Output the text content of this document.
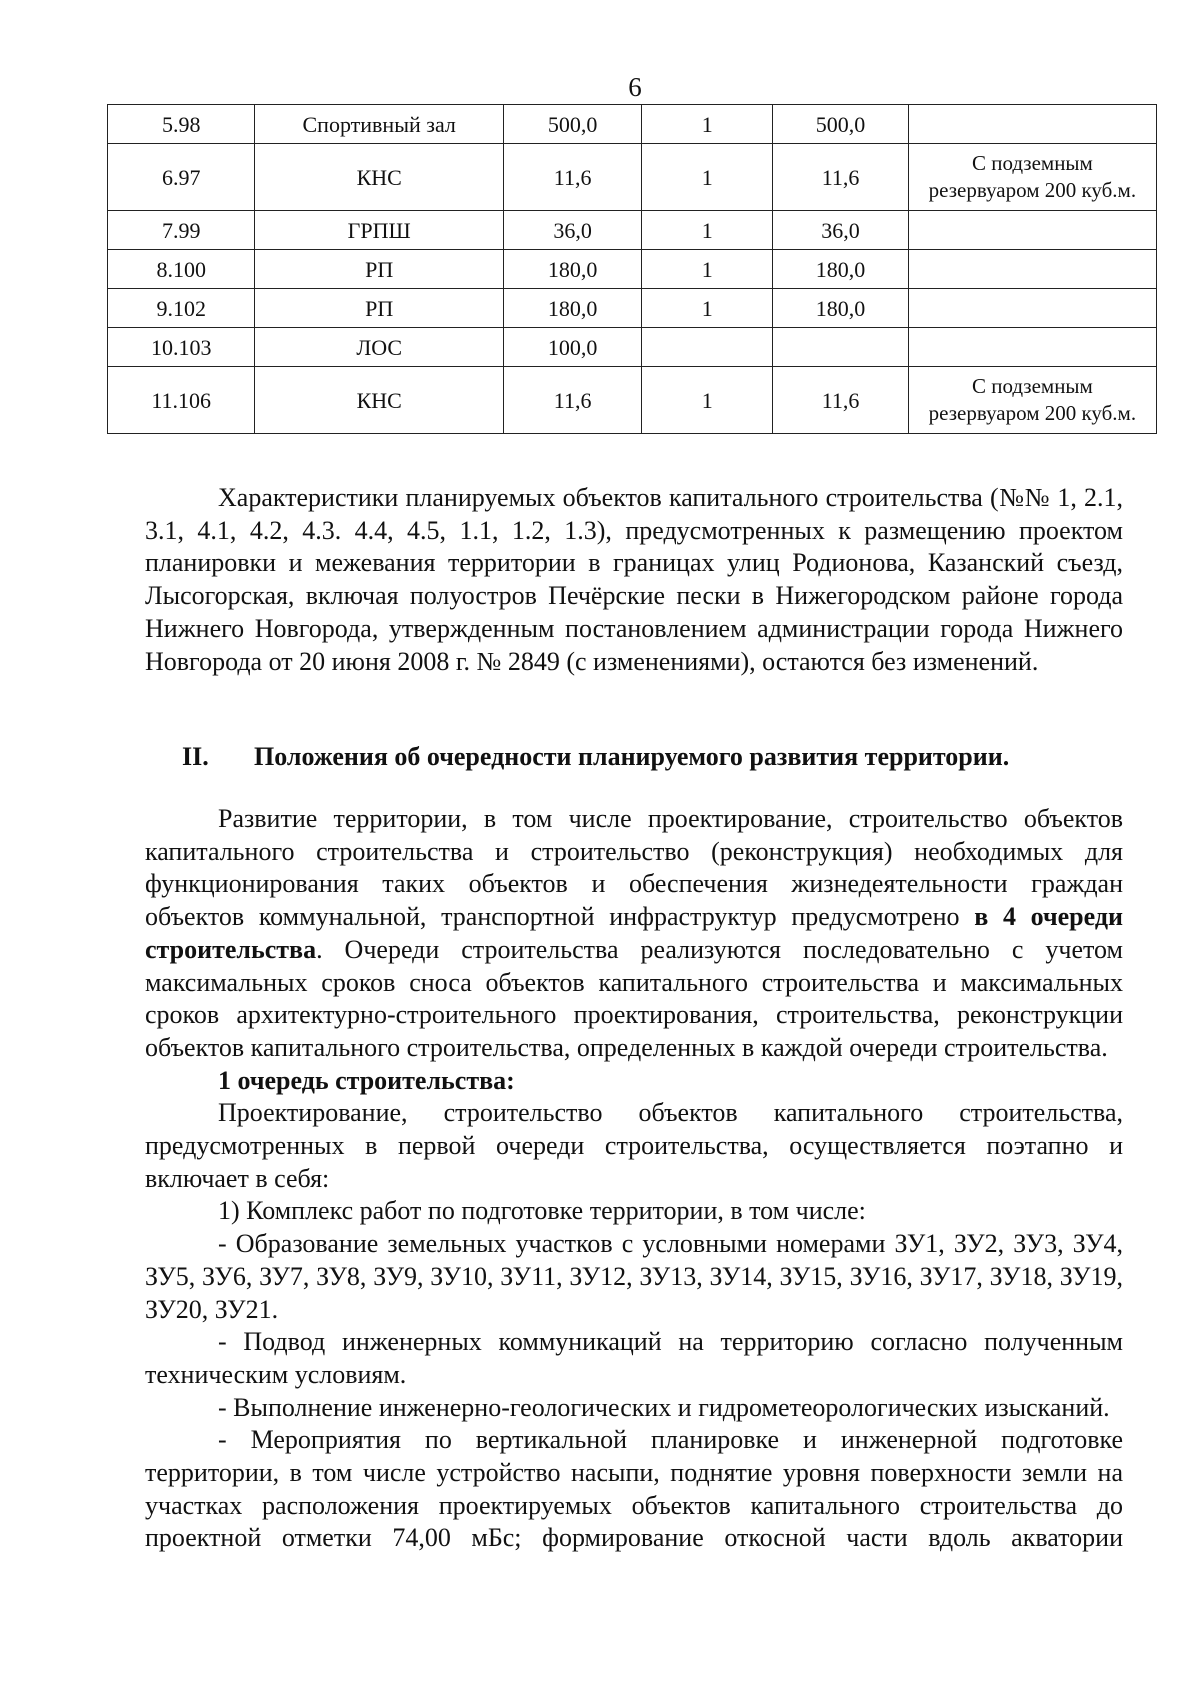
6
5.98	Спортивный зал	500,0	1	500,0	

6.97	КНС	11,6	1	11,6	С подземным
резервуаром 200 куб.м.

7.99	ГРПШ	36,0	1	36,0	

8.100	РП	180,0	1	180,0	

9.102	РП	180,0	1	180,0	

10.103	ЛОС	100,0			

11.106	КНС	11,6	1	11,6	С подземным
резервуаром 200 куб.м.

Характеристики планируемых объектов капитального строительства (№№ 1, 2.1, 3.1, 4.1, 4.2, 4.3. 4.4, 4.5, 1.1, 1.2, 1.3), предусмотренных к размещению проектом планировки и межевания территории в границах улиц Родионова, Казанский съезд, Лысогорская, включая полуостров Печёрские пески в Нижегородском районе города Нижнего Новгорода, утвержденным постановлением администрации города Нижнего Новгорода от 20 июня 2008 г. № 2849 (с изменениями), остаются без изменений.

II. Положения об очередности планируемого развития территории.

Развитие территории, в том числе проектирование, строительство объектов капитального строительства и строительство (реконструкция) необходимых для функционирования таких объектов и обеспечения жизнедеятельности граждан объектов коммунальной, транспортной инфраструктур предусмотрено в 4 очереди строительства. Очереди строительства реализуются последовательно с учетом максимальных сроков сноса объектов капитального строительства и максимальных сроков архитектурно-строительного проектирования, строительства, реконструкции объектов капитального строительства, определенных в каждой очереди строительства.

1 очередь строительства:

Проектирование, строительство объектов капитального строительства, предусмотренных в первой очереди строительства, осуществляется поэтапно и включает в себя:

1) Комплекс работ по подготовке территории, в том числе:

- Образование земельных участков с условными номерами ЗУ1, ЗУ2, ЗУ3, ЗУ4, ЗУ5, ЗУ6, ЗУ7, ЗУ8, ЗУ9, ЗУ10, ЗУ11, ЗУ12, ЗУ13, ЗУ14, ЗУ15, ЗУ16, ЗУ17, ЗУ18, ЗУ19, ЗУ20, ЗУ21.

- Подвод инженерных коммуникаций на территорию согласно полученным техническим условиям.

- Выполнение инженерно-геологических и гидрометеорологических изысканий.

- Мероприятия по вертикальной планировке и инженерной подготовке территории, в том числе устройство насыпи, поднятие уровня поверхности земли на участках расположения проектируемых объектов капитального строительства до проектной отметки 74,00 мБс; формирование откосной части вдоль акватории
